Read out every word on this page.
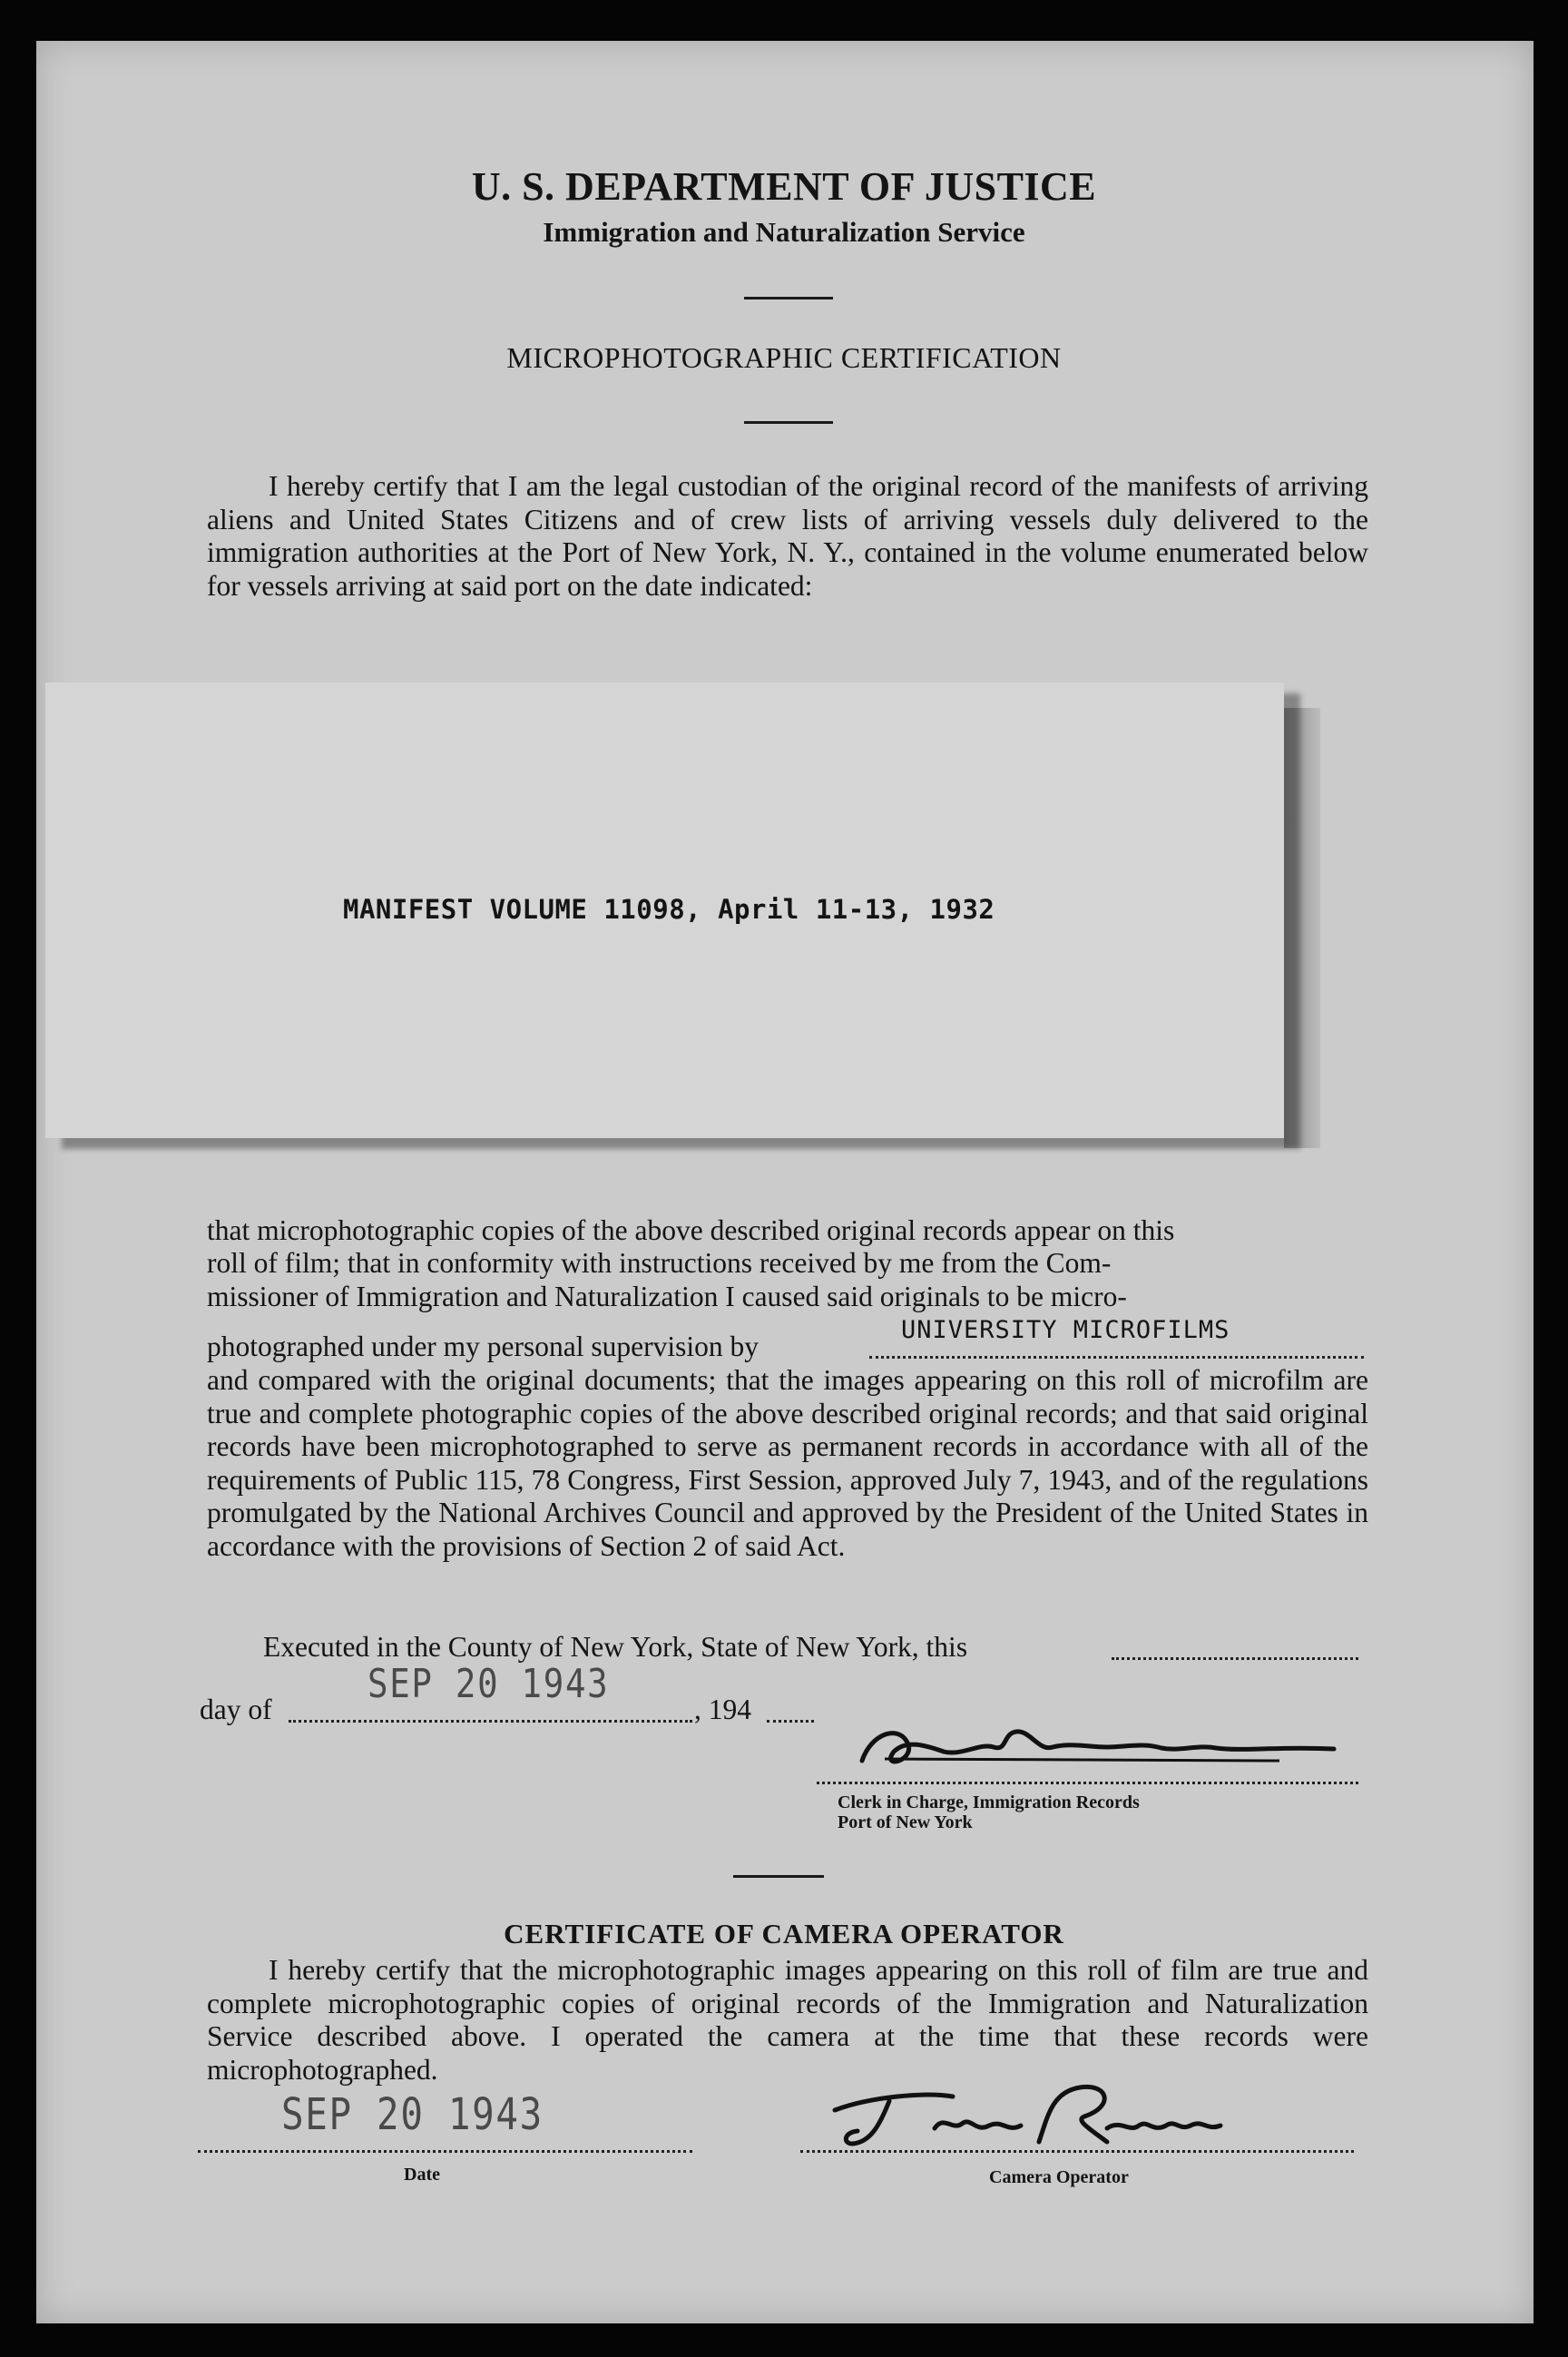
U. S. DEPARTMENT OF JUSTICE
Immigration and Naturalization Service
MICROPHOTOGRAPHIC CERTIFICATION
I hereby certify that I am the legal custodian of the original record of the manifests of arriving aliens and United States Citizens and of crew lists of arriving vessels duly delivered to the immigration authorities at the Port of New York, N. Y., contained in the volume enumerated below for vessels arriving at said port on the date indicated:
MANIFEST VOLUME 11098, April 11-13, 1932
that microphotographic copies of the above described original records appear on this
roll of film; that in conformity with instructions received by me from the Com-
missioner of Immigration and Naturalization I caused said originals to be micro-
photographed under my personal supervision by
UNIVERSITY MICROFILMS
and compared with the original documents; that the images appearing on this roll of microfilm are true and complete photographic copies of the above described original records; and that said original records have been microphotographed to serve as permanent records in accordance with all of the requirements of Public 115, 78 Congress, First Session, approved July 7, 1943, and of the regulations promulgated by the National Archives Council and approved by the President of the United States in accordance with the provisions of Section 2 of said Act.
Executed in the County of New York, State of New York, this
day of
SEP 20 1943
, 194
Clerk in Charge, Immigration Records
Port of New York
CERTIFICATE OF CAMERA OPERATOR
I hereby certify that the microphotographic images appearing on this roll of film are true and complete microphotographic copies of original records of the Immigration and Naturalization Service described above. I operated the camera at the time that these records were microphotographed.
SEP 20 1943
Date	Camera Operator
